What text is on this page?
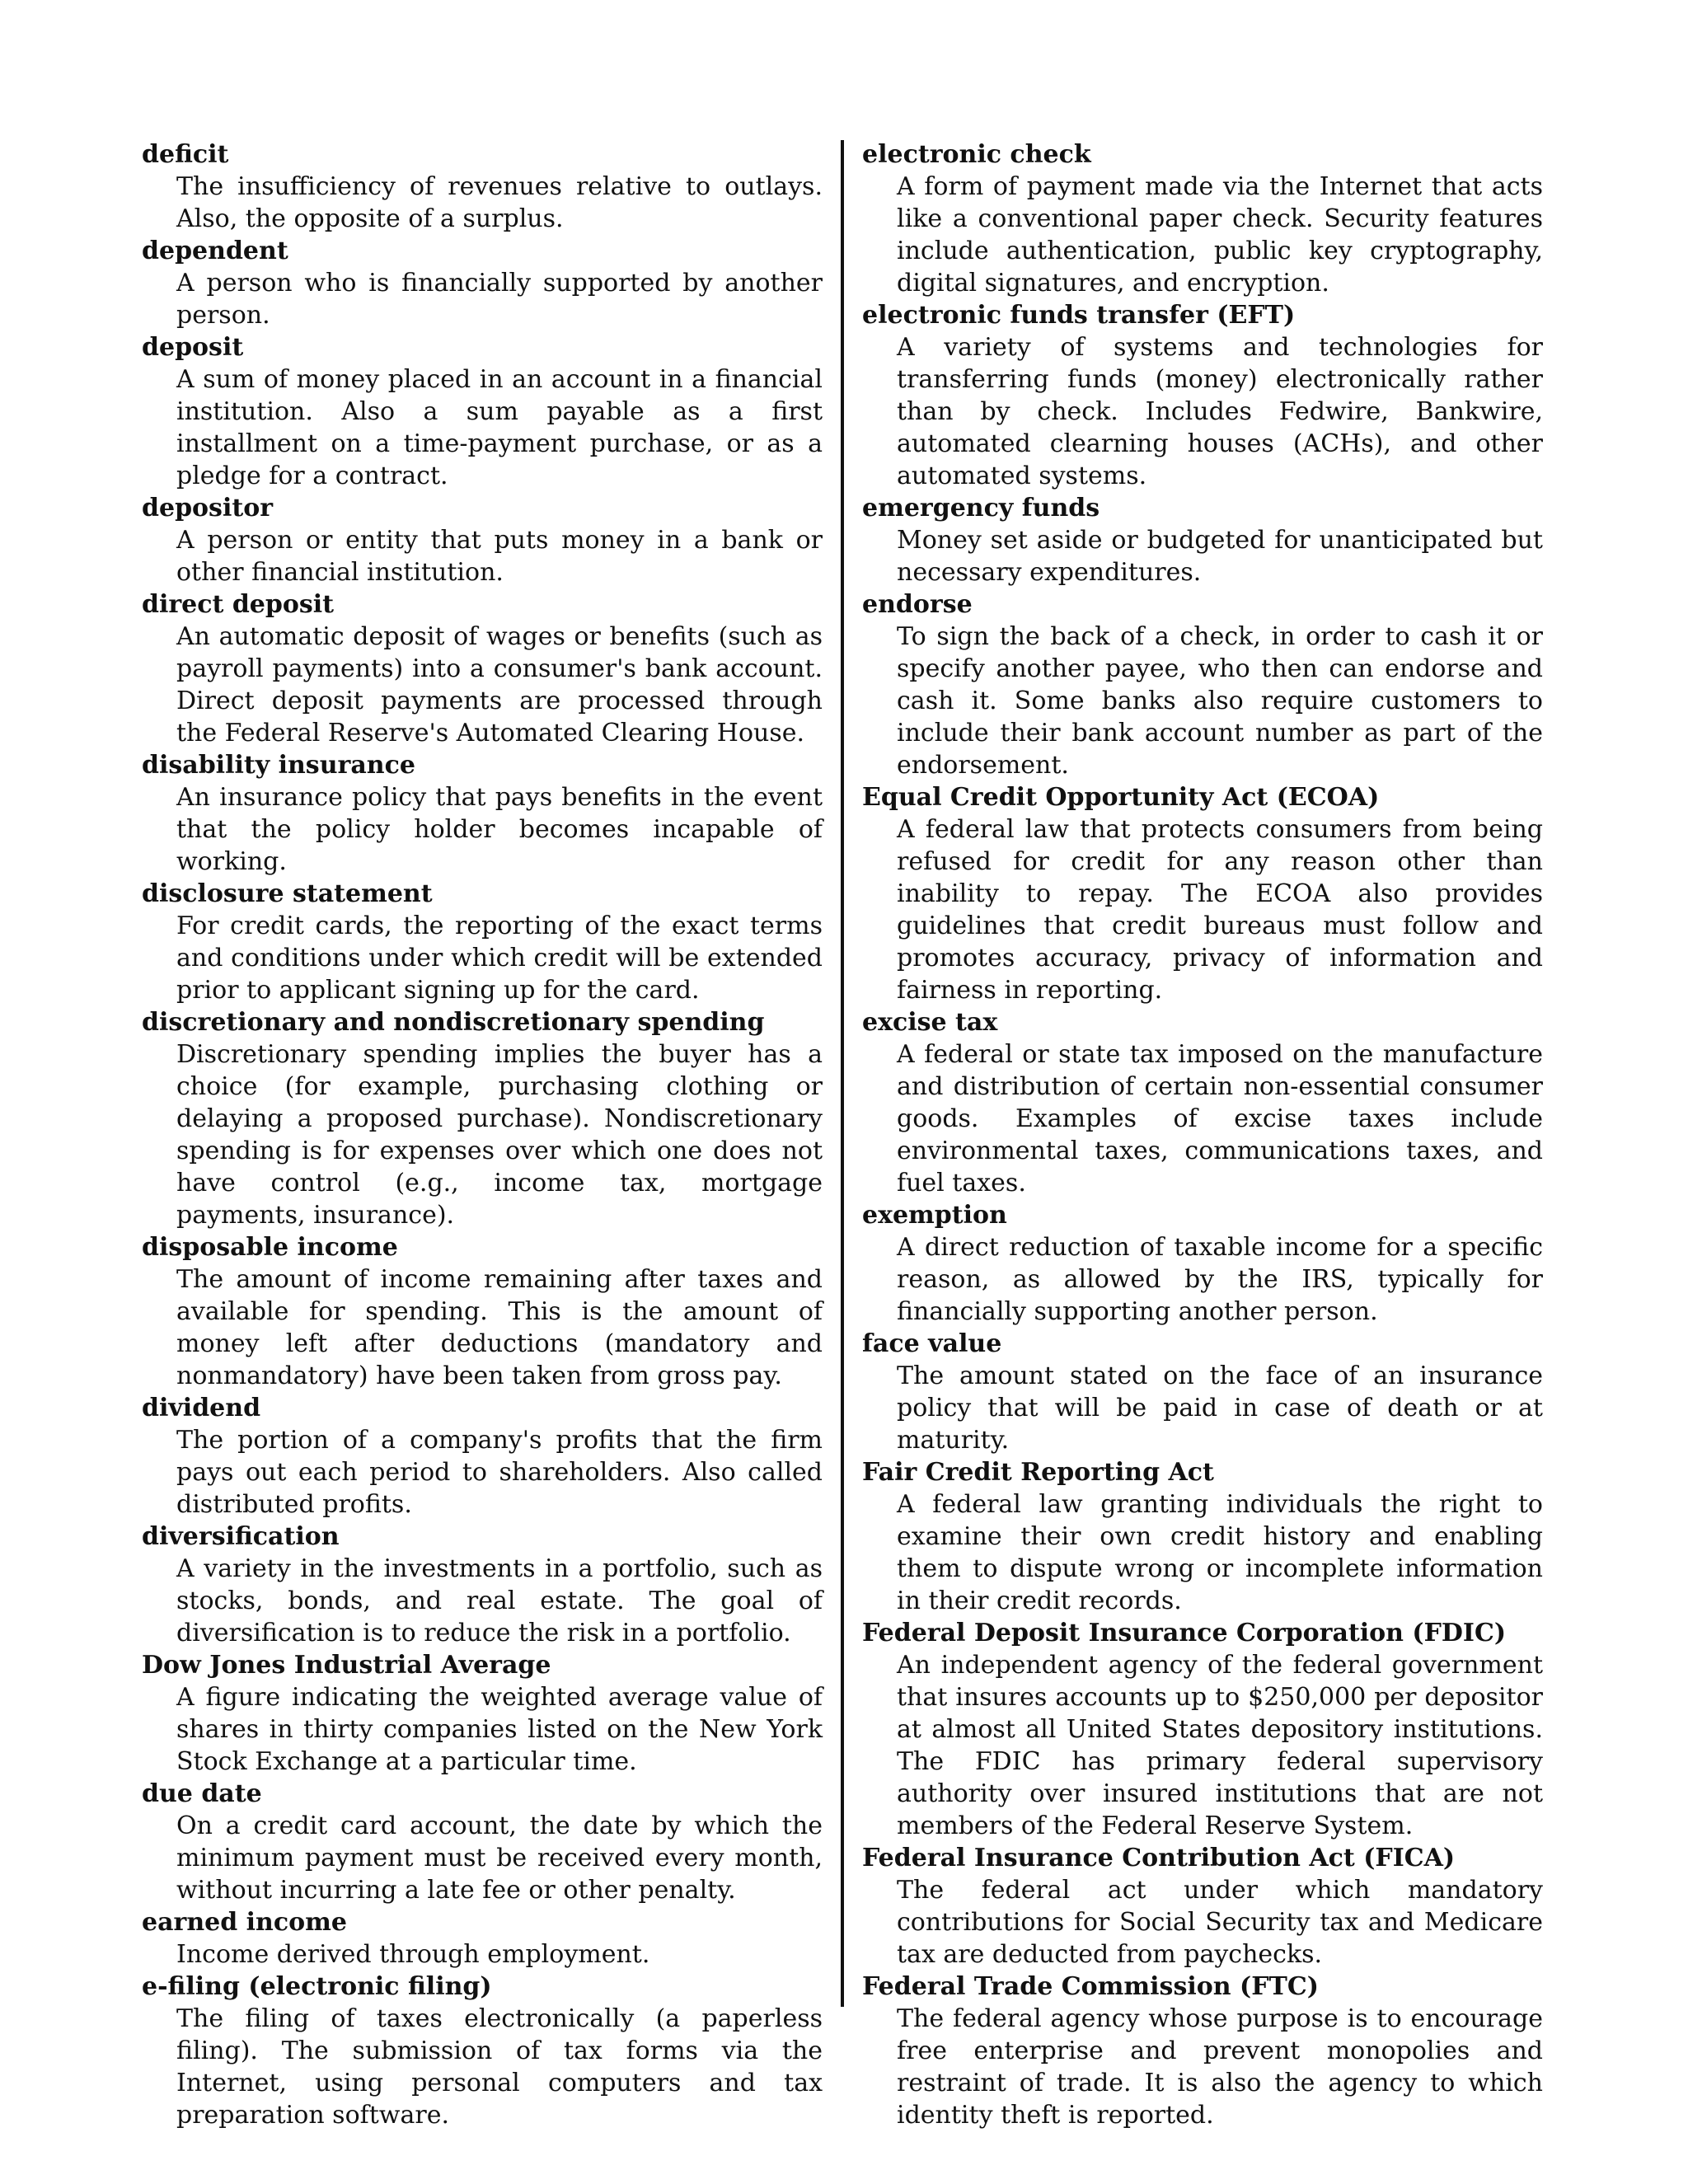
deficit

The insufficiency of revenues relative to outlays. Also, the opposite of a surplus.

dependent

A person who is financially supported by another person.

deposit

A sum of money placed in an account in a financial institution. Also a sum payable as a first installment on a time-payment purchase, or as a pledge for a contract.

depositor

A person or entity that puts money in a bank or other financial institution.

direct deposit

An automatic deposit of wages or benefits (such as payroll payments) into a consumer's bank account. Direct deposit payments are processed through the Federal Reserve's Automated Clearing House.

disability insurance

An insurance policy that pays benefits in the event that the policy holder becomes incapable of working.

disclosure statement

For credit cards, the reporting of the exact terms and conditions under which credit will be extended prior to applicant signing up for the card.

discretionary and nondiscretionary spending

Discretionary spending implies the buyer has a choice (for example, purchasing clothing or delaying a proposed purchase). Nondiscretionary spending is for expenses over which one does not have control (e.g., income tax, mortgage payments, insurance).

disposable income

The amount of income remaining after taxes and available for spending. This is the amount of money left after deductions (mandatory and nonmandatory) have been taken from gross pay.

dividend

The portion of a company's profits that the firm pays out each period to shareholders. Also called distributed profits.

diversification

A variety in the investments in a portfolio, such as stocks, bonds, and real estate. The goal of diversification is to reduce the risk in a portfolio.

Dow Jones Industrial Average

A figure indicating the weighted average value of shares in thirty companies listed on the New York Stock Exchange at a particular time.

due date

On a credit card account, the date by which the minimum payment must be received every month, without incurring a late fee or other penalty.

earned income

Income derived through employment.

e-filing (electronic filing)

The filing of taxes electronically (a paperless filing). The submission of tax forms via the Internet, using personal computers and tax preparation software.

electronic check

A form of payment made via the Internet that acts like a conventional paper check. Security features include authentication, public key cryptography, digital signatures, and encryption.

electronic funds transfer (EFT)

A variety of systems and technologies for transferring funds (money) electronically rather than by check. Includes Fedwire, Bankwire, automated clearning houses (ACHs), and other automated systems.

emergency funds

Money set aside or budgeted for unanticipated but necessary expenditures.

endorse

To sign the back of a check, in order to cash it or specify another payee, who then can endorse and cash it. Some banks also require customers to include their bank account number as part of the endorsement.

Equal Credit Opportunity Act (ECOA)

A federal law that protects consumers from being refused for credit for any reason other than inability to repay. The ECOA also provides guidelines that credit bureaus must follow and promotes accuracy, privacy of information and fairness in reporting.

excise tax

A federal or state tax imposed on the manufacture and distribution of certain non-essential consumer goods. Examples of excise taxes include environmental taxes, communications taxes, and fuel taxes.

exemption

A direct reduction of taxable income for a specific reason, as allowed by the IRS, typically for financially supporting another person.

face value

The amount stated on the face of an insurance policy that will be paid in case of death or at maturity.

Fair Credit Reporting Act

A federal law granting individuals the right to examine their own credit history and enabling them to dispute wrong or incomplete information in their credit records.

Federal Deposit Insurance Corporation (FDIC)

An independent agency of the federal government that insures accounts up to $250,000 per depositor at almost all United States depository institutions. The FDIC has primary federal supervisory authority over insured institutions that are not members of the Federal Reserve System.

Federal Insurance Contribution Act (FICA)

The federal act under which mandatory contributions for Social Security tax and Medicare tax are deducted from paychecks.

Federal Trade Commission (FTC)

The federal agency whose purpose is to encourage free enterprise and prevent monopolies and restraint of trade. It is also the agency to which identity theft is reported.
